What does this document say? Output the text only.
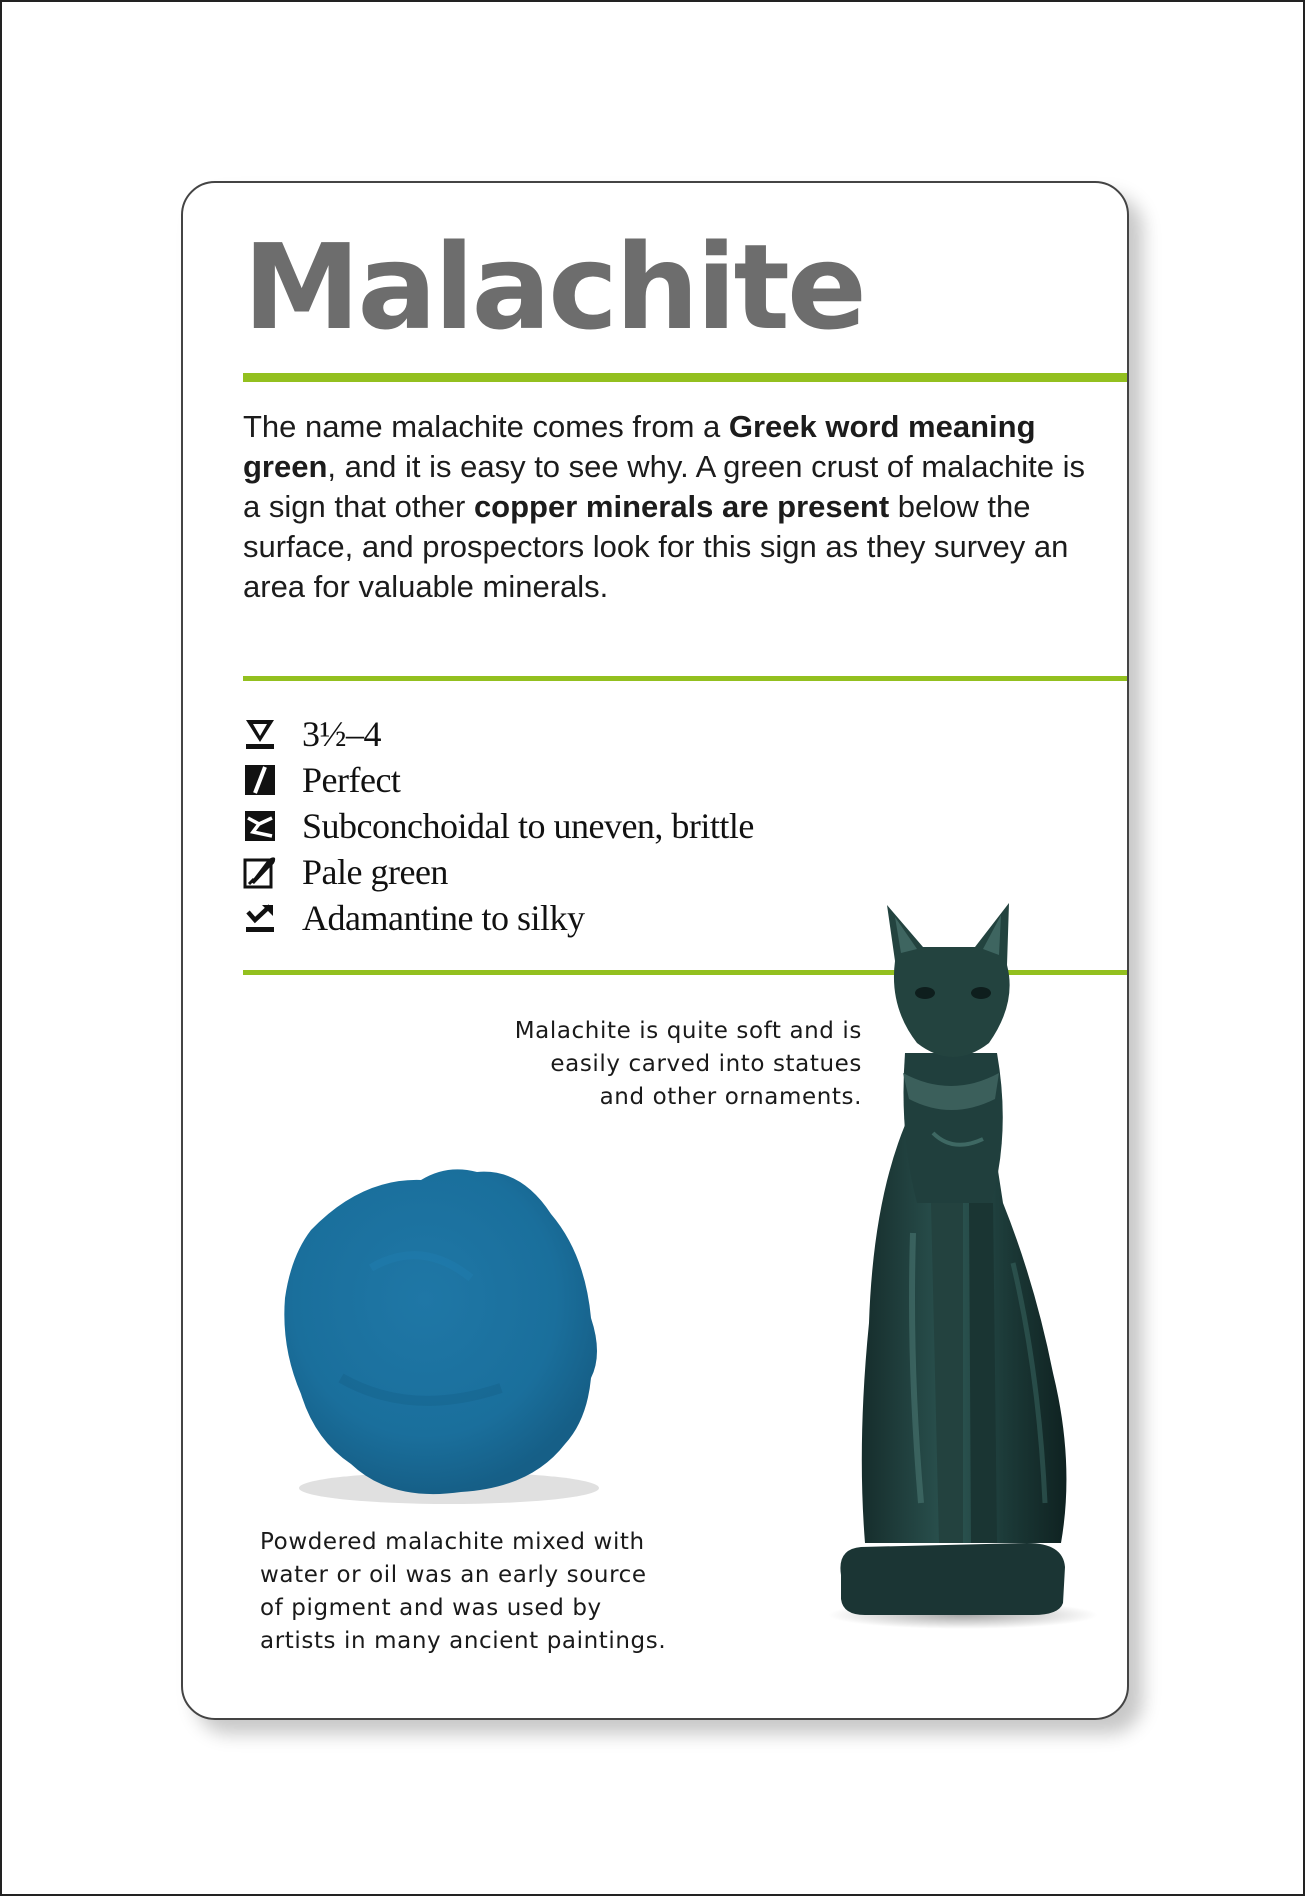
Malachite

The name malachite comes from a Greek word meaning green, and it is easy to see why. A green crust of malachite is a sign that other copper minerals are present below the surface, and prospectors look for this sign as they survey an area for valuable minerals.

3½–4
Perfect
Subconchoidal to uneven, brittle
Pale green
Adamantine to silky
Malachite is quite soft and is
easily carved into statues
and other ornaments.
Powdered malachite mixed with
water or oil was an early source
of pigment and was used by
artists in many ancient paintings.
